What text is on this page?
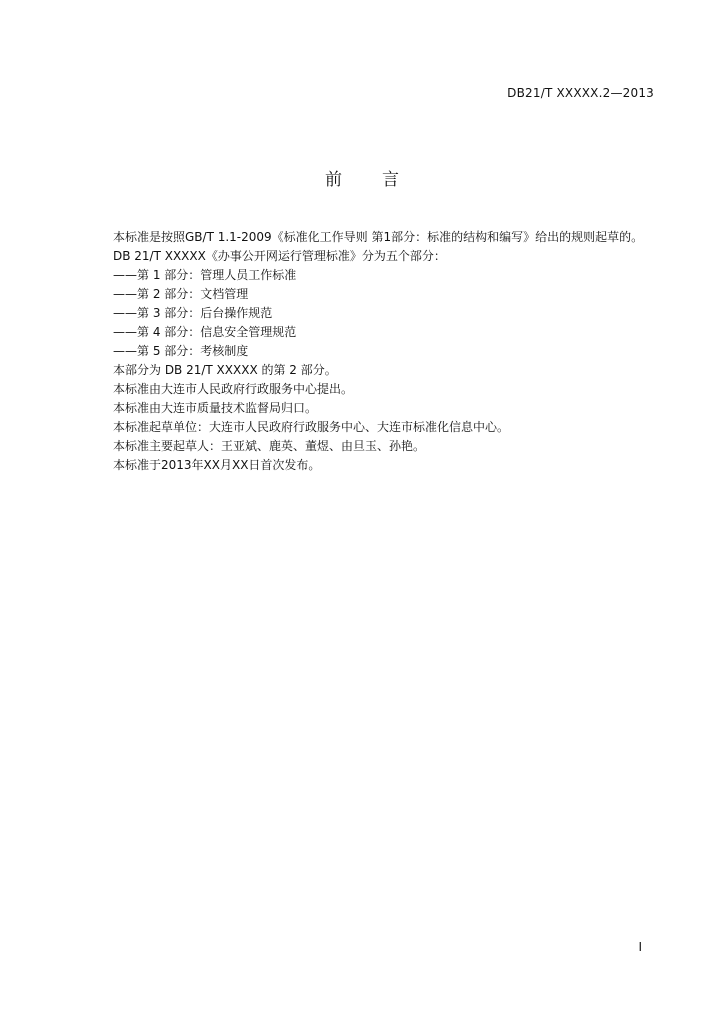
DB21/T XXXXX.2—2013
前言

本标准是按照GB/T 1.1-2009《标准化工作导则 第1部分：标准的结构和编写》给出的规则起草的。

DB 21/T XXXXX《办事公开网运行管理标准》分为五个部分：

——第 1 部分：管理人员工作标准

——第 2 部分：文档管理

——第 3 部分：后台操作规范

——第 4 部分：信息安全管理规范

——第 5 部分：考核制度

本部分为 DB 21/T XXXXX 的第 2 部分。

本标准由大连市人民政府行政服务中心提出。

本标准由大连市质量技术监督局归口。

本标准起草单位：大连市人民政府行政服务中心、大连市标准化信息中心。

本标准主要起草人：王亚斌、鹿英、董煜、由旦玉、孙艳。

本标准于2013年XX月XX日首次发布。

I
